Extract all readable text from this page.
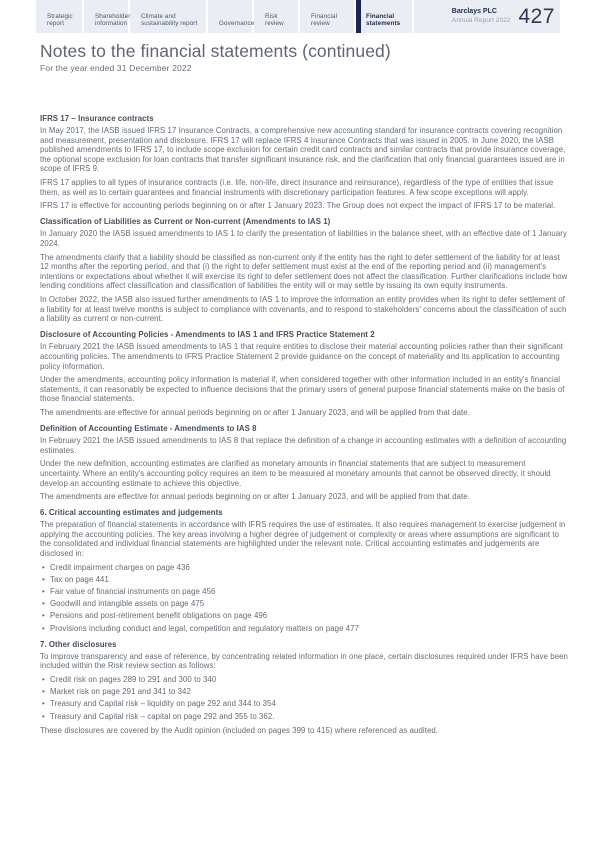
Strategic
report
Shareholder
information
Climate and
sustainability report	Governance
Risk
review
Financial
review
Financial
statements
Barclays PLC
Annual Report 2022 427
Notes to the financial statements (continued)
For the year ended 31 December 2022
IFRS 17 – Insurance contracts

In May 2017, the IASB issued IFRS 17 Insurance Contracts, a comprehensive new accounting standard for insurance contracts covering recognition and measurement, presentation and disclosure. IFRS 17 will replace IFRS 4 Insurance Contracts that was issued in 2005. In June 2020, the IASB published amendments to IFRS 17, to include scope exclusion for certain credit card contracts and similar contracts that provide insurance coverage, the optional scope exclusion for loan contracts that transfer significant insurance risk, and the clarification that only financial guarantees issued are in scope of IFRS 9.

IFRS 17 applies to all types of insurance contracts (i.e. life, non-life, direct insurance and reinsurance), regardless of the type of entities that issue them, as well as to certain guarantees and financial instruments with discretionary participation features. A few scope exceptions will apply.

IFRS 17 is effective for accounting periods beginning on or after 1 January 2023. The Group does not expect the impact of IFRS 17 to be material.

Classification of Liabilities as Current or Non-current (Amendments to IAS 1)

In January 2020 the IASB issued amendments to IAS 1 to clarify the presentation of liabilities in the balance sheet, with an effective date of 1 January 2024.

The amendments clarify that a liability should be classified as non-current only if the entity has the right to defer settlement of the liability for at least 12 months after the reporting period, and that (i) the right to defer settlement must exist at the end of the reporting period and (ii) management's intentions or expectations about whether it will exercise its right to defer settlement does not affect the classification. Further clarifications include how lending conditions affect classification and classification of liabilities the entity will or may settle by issuing its own equity instruments.

In October 2022, the IASB also issued further amendments to IAS 1 to improve the information an entity provides when its right to defer settlement of a liability for at least twelve months is subject to compliance with covenants, and to respond to stakeholders' concerns about the classification of such a liability as current or non-current.

Disclosure of Accounting Policies - Amendments to IAS 1 and IFRS Practice Statement 2

In February 2021 the IASB issued amendments to IAS 1 that require entities to disclose their material accounting policies rather than their significant accounting policies. The amendments to IFRS Practice Statement 2 provide guidance on the concept of materiality and its application to accounting policy information.

Under the amendments, accounting policy information is material if, when considered together with other information included in an entity's financial statements, it can reasonably be expected to influence decisions that the primary users of general purpose financial statements make on the basis of those financial statements.

The amendments are effective for annual periods beginning on or after 1 January 2023, and will be applied from that date.

Definition of Accounting Estimate - Amendments to IAS 8

In February 2021 the IASB issued amendments to IAS 8 that replace the definition of a change in accounting estimates with a definition of accounting estimates.

Under the new definition, accounting estimates are clarified as monetary amounts in financial statements that are subject to measurement uncertainty. Where an entity's accounting policy requires an item to be measured at monetary amounts that cannot be observed directly, it should develop an accounting estimate to achieve this objective.

The amendments are effective for annual periods beginning on or after 1 January 2023, and will be applied from that date.

6. Critical accounting estimates and judgements

The preparation of financial statements in accordance with IFRS requires the use of estimates. It also requires management to exercise judgement in applying the accounting policies. The key areas involving a higher degree of judgement or complexity or areas where assumptions are significant to the consolidated and individual financial statements are highlighted under the relevant note. Critical accounting estimates and judgements are disclosed in:

• Credit impairment charges on page 436
• Tax on page 441
• Fair value of financial instruments on page 456
• Goodwill and intangible assets on page 475
• Pensions and post-retirement benefit obligations on page 496
• Provisions including conduct and legal, competition and regulatory matters on page 477
7. Other disclosures

To improve transparency and ease of reference, by concentrating related information in one place, certain disclosures required under IFRS have been included within the Risk review section as follows:

• Credit risk on pages 289 to 291 and 300 to 340
• Market risk on page 291 and 341 to 342
• Treasury and Capital risk – liquidity on page 292 and 344 to 354
• Treasury and Capital risk – capital on page 292 and 355 to 362.

These disclosures are covered by the Audit opinion (included on pages 399 to 415) where referenced as audited.
